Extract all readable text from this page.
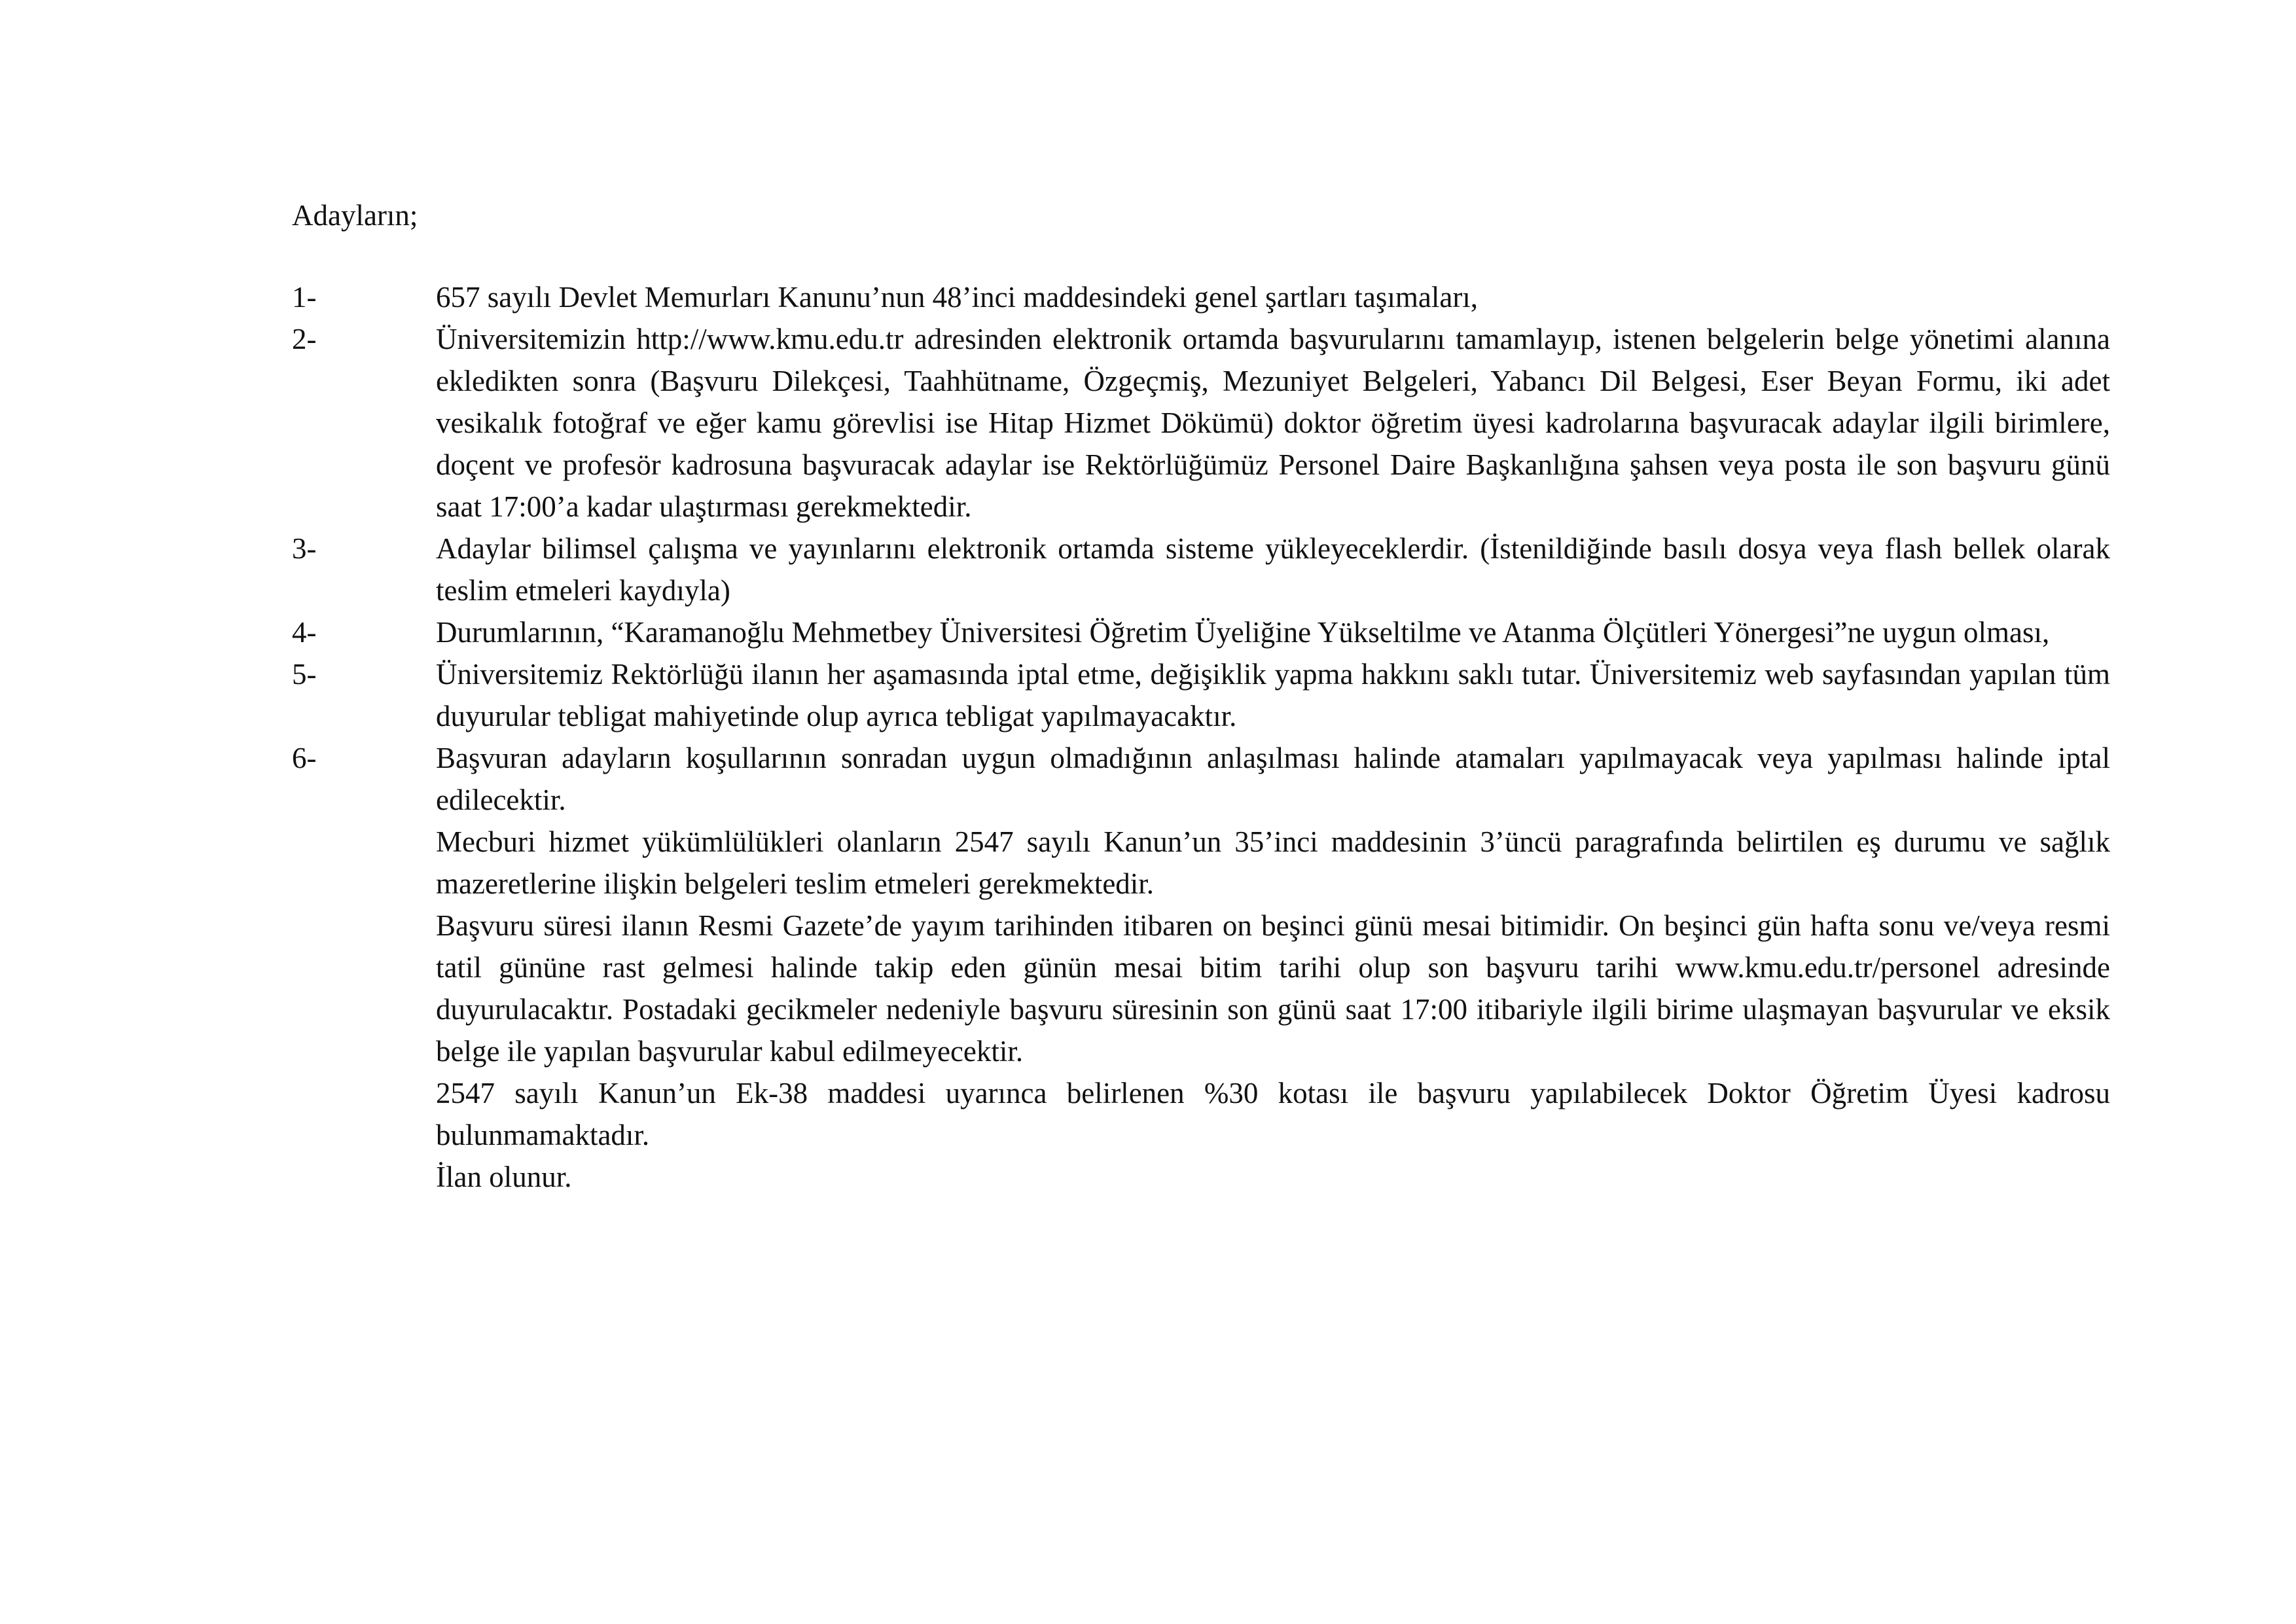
Adayların;

1-	657 sayılı Devlet Memurları Kanunu’nun 48’inci maddesindeki genel şartları taşımaları,
2-	Üniversitemizin http://www.kmu.edu.tr adresinden elektronik ortamda başvurularını tamamlayıp, istenen belgelerin belge yönetimi alanına ekledikten sonra (Başvuru Dilekçesi, Taahhütname, Özgeçmiş, Mezuniyet Belgeleri, Yabancı Dil Belgesi, Eser Beyan Formu, iki adet vesikalık fotoğraf ve eğer kamu görevlisi ise Hitap Hizmet Dökümü) doktor öğretim üyesi kadrolarına başvuracak adaylar ilgili birimlere, doçent ve profesör kadrosuna başvuracak adaylar ise Rektörlüğümüz Personel Daire Başkanlığına şahsen veya posta ile son başvuru günü saat 17:00’a kadar ulaştırması gerekmektedir.
3-	Adaylar bilimsel çalışma ve yayınlarını elektronik ortamda sisteme yükleyeceklerdir. (İstenildiğinde basılı dosya veya flash bellek olarak teslim etmeleri kaydıyla)
4-	Durumlarının, “Karamanoğlu Mehmetbey Üniversitesi Öğretim Üyeliğine Yükseltilme ve Atanma Ölçütleri Yönergesi”ne uygun olması,
5-	Üniversitemiz Rektörlüğü ilanın her aşamasında iptal etme, değişiklik yapma hakkını saklı tutar. Üniversitemiz web sayfasından yapılan tüm duyurular tebligat mahiyetinde olup ayrıca tebligat yapılmayacaktır.
6-	Başvuran adayların koşullarının sonradan uygun olmadığının anlaşılması halinde atamaları yapılmayacak veya yapılması halinde iptal edilecektir.
Mecburi hizmet yükümlülükleri olanların 2547 sayılı Kanun’un 35’inci maddesinin 3’üncü paragrafında belirtilen eş durumu ve sağlık mazeretlerine ilişkin belgeleri teslim etmeleri gerekmektedir.
Başvuru süresi ilanın Resmi Gazete’de yayım tarihinden itibaren on beşinci günü mesai bitimidir. On beşinci gün hafta sonu ve/veya resmi tatil gününe rast gelmesi halinde takip eden günün mesai bitim tarihi olup son başvuru tarihi www.kmu.edu.tr/personel adresinde duyurulacaktır. Postadaki gecikmeler nedeniyle başvuru süresinin son günü saat 17:00 itibariyle ilgili birime ulaşmayan başvurular ve eksik belge ile yapılan başvurular kabul edilmeyecektir.
2547 sayılı Kanun’un Ek-38 maddesi uyarınca belirlenen %30 kotası ile başvuru yapılabilecek Doktor Öğretim Üyesi kadrosu bulunmamaktadır.
İlan olunur.
